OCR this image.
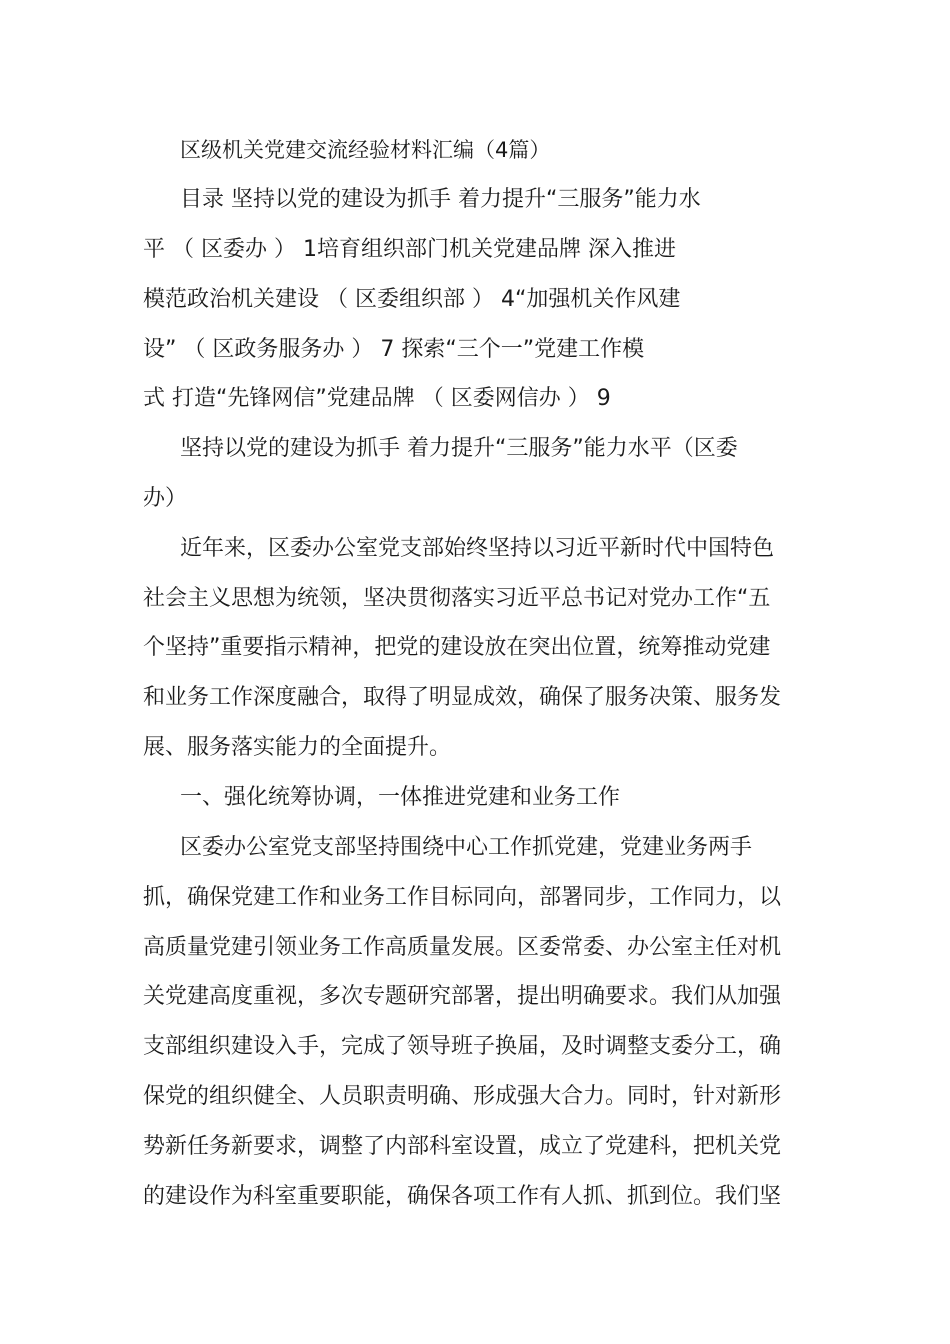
区级机关党建交流经验材料汇编（4篇）
目录 坚持以党的建设为抓手 着力提升“三服务”能力水
平 （ 区委办 ） 1培育组织部门机关党建品牌 深入推进
模范政治机关建设 （ 区委组织部 ） 4“加强机关作风建
设” （ 区政务服务办 ） 7 探索“三个一”党建工作模
式 打造“先锋网信”党建品牌 （ 区委网信办 ） 9
坚持以党的建设为抓手 着力提升“三服务”能力水平（区委
办）
近年来，区委办公室党支部始终坚持以习近平新时代中国特色
社会主义思想为统领，坚决贯彻落实习近平总书记对党办工作“五
个坚持”重要指示精神，把党的建设放在突出位置，统筹推动党建
和业务工作深度融合，取得了明显成效，确保了服务决策、服务发
展、服务落实能力的全面提升。
一、强化统筹协调，一体推进党建和业务工作
区委办公室党支部坚持围绕中心工作抓党建，党建业务两手
抓，确保党建工作和业务工作目标同向，部署同步，工作同力，以
高质量党建引领业务工作高质量发展。区委常委、办公室主任对机
关党建高度重视，多次专题研究部署，提出明确要求。我们从加强
支部组织建设入手，完成了领导班子换届，及时调整支委分工，确
保党的组织健全、人员职责明确、形成强大合力。同时，针对新形
势新任务新要求，调整了内部科室设置，成立了党建科，把机关党
的建设作为科室重要职能，确保各项工作有人抓、抓到位。我们坚
